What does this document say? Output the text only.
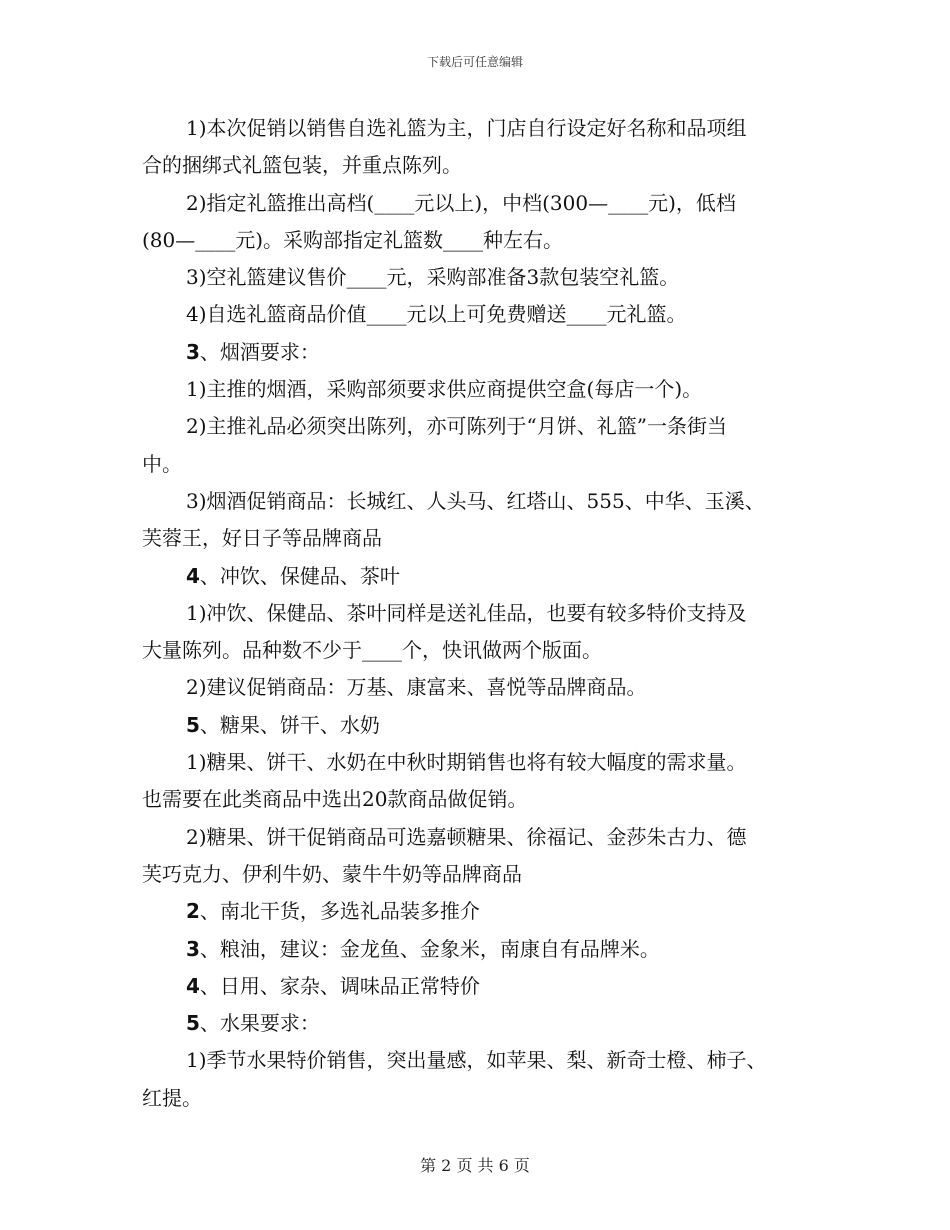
下载后可任意编辑
1)本次促销以销售自选礼篮为主，门店自行设定好名称和品项组
合的捆绑式礼篮包装，并重点陈列。
2)指定礼篮推出高档(____元以上)，中档(300—____元)，低档
(80—____元)。采购部指定礼篮数____种左右。
3)空礼篮建议售价____元，采购部准备3款包装空礼篮。
4)自选礼篮商品价值____元以上可免费赠送____元礼篮。
3、烟酒要求：
1)主推的烟酒，采购部须要求供应商提供空盒(每店一个)。
2)主推礼品必须突出陈列，亦可陈列于“月饼、礼篮”一条街当
中。
3)烟酒促销商品：长城红、人头马、红塔山、555、中华、玉溪、
芙蓉王，好日子等品牌商品
4、冲饮、保健品、茶叶
1)冲饮、保健品、茶叶同样是送礼佳品，也要有较多特价支持及
大量陈列。品种数不少于____个，快讯做两个版面。
2)建议促销商品：万基、康富来、喜悦等品牌商品。
5、糖果、饼干、水奶
1)糖果、饼干、水奶在中秋时期销售也将有较大幅度的需求量。
也需要在此类商品中选出20款商品做促销。
2)糖果、饼干促销商品可选嘉顿糖果、徐福记、金莎朱古力、德
芙巧克力、伊利牛奶、蒙牛牛奶等品牌商品
2、南北干货，多选礼品装多推介
3、粮油，建议：金龙鱼、金象米，南康自有品牌米。
4、日用、家杂、调味品正常特价
5、水果要求：
1)季节水果特价销售，突出量感，如苹果、梨、新奇士橙、柿子、
红提。
第 2 页 共 6 页
